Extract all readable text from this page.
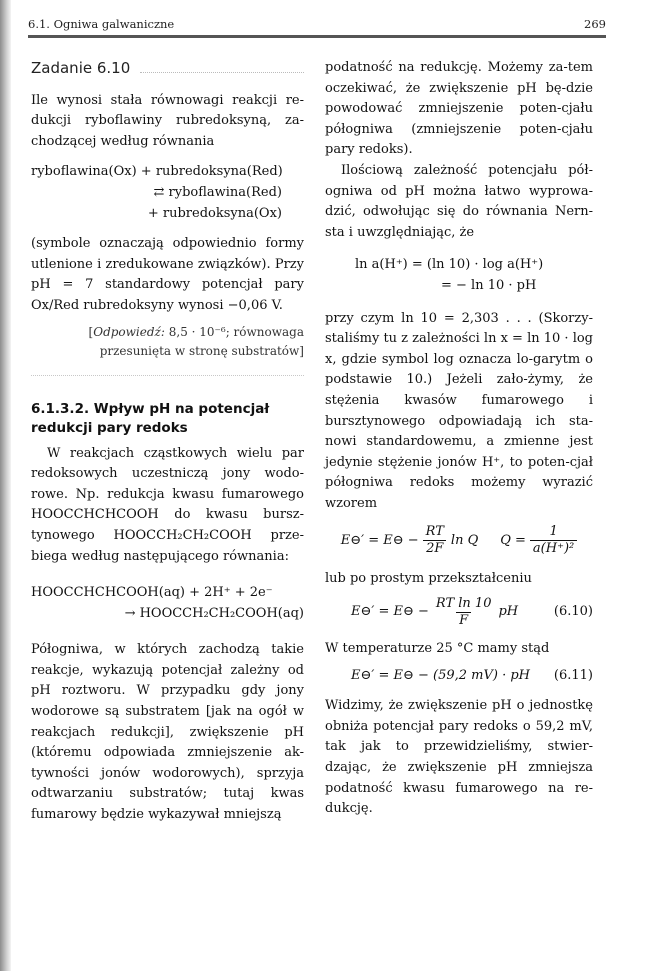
6.1. Ogniwa galwaniczne	269
Zadanie 6.10

Ile wynosi stała równowagi reakcji re-dukcji ryboflawiny rubredoksyną, za-chodzącej według równania

ryboflawina(Ox) + rubredoksyna(Red)
⇄ ryboflawina(Red)
+ rubredoksyna(Ox)

(symbole oznaczają odpowiednio formy utlenione i zredukowane związków). Przy pH = 7 standardowy potencjał pary Ox/Red rubredoksyny wynosi −0,06 V.

[Odpowiedź: 8,5 · 10⁻⁶; równowaga
przesunięta w stronę substratów]
6.1.3.2. Wpływ pH na potencjał redukcji pary redoks

W reakcjach cząstkowych wielu par redoksowych uczestniczą jony wodo-rowe. Np. redukcja kwasu fumarowego HOOCCHCHCOOH do kwasu bursz-tynowego HOOCCH₂CH₂COOH prze-biega według następującego równania:

HOOCCHCHCOOH(aq) + 2H⁺ + 2e⁻
→ HOOCCH₂CH₂COOH(aq)

Półogniwa, w których zachodzą takie reakcje, wykazują potencjał zależny od pH roztworu. W przypadku gdy jony wodorowe są substratem [jak na ogół w reakcjach redukcji], zwiększenie pH (któremu odpowiada zmniejszenie ak-tywności jonów wodorowych), sprzyja odtwarzaniu substratów; tutaj kwas fumarowy będzie wykazywał mniejszą

podatność na redukcję. Możemy za-tem oczekiwać, że zwiększenie pH bę-dzie powodować zmniejszenie poten-cjału półogniwa (zmniejszenie poten-cjału pary redoks).

Ilościową zależność potencjału pół-ogniwa od pH można łatwo wyprowa-dzić, odwołując się do równania Nern-sta i uwzględniając, że

ln a(H⁺) = (ln 10) · log a(H⁺)
= − ln 10 · pH

przy czym ln 10 = 2,303 . . . (Skorzy-staliśmy tu z zależności ln x = ln 10 · log x, gdzie symbol log oznacza lo-garytm o podstawie 10.) Jeżeli zało-żymy, że stężenia kwasów fumarowego i bursztynowego odpowiadają ich sta-nowi standardowemu, a zmienne jest jedynie stężenie jonów H⁺, to poten-cjał półogniwa redoks możemy wyrazić wzorem

E⊖′ = E⊖ − $\frac{RT}{2F}$ ln Q $Q = \frac{1}{\text{a(H⁺)²}}$

lub po prostym przekształceniu

E⊖′ = E⊖ − $\frac{\text{RT ln 10}}{F}$ pH	(6.10)

W temperaturze 25 °C mamy stąd

E⊖′ = E⊖ − (59,2 mV) · pH (6.11)

Widzimy, że zwiększenie pH o jednostkę obniża potencjał pary redoks o 59,2 mV, tak jak to przewidzieliśmy, stwier-dzając, że zwiększenie pH zmniejsza podatność kwasu fumarowego na re-dukcję.
